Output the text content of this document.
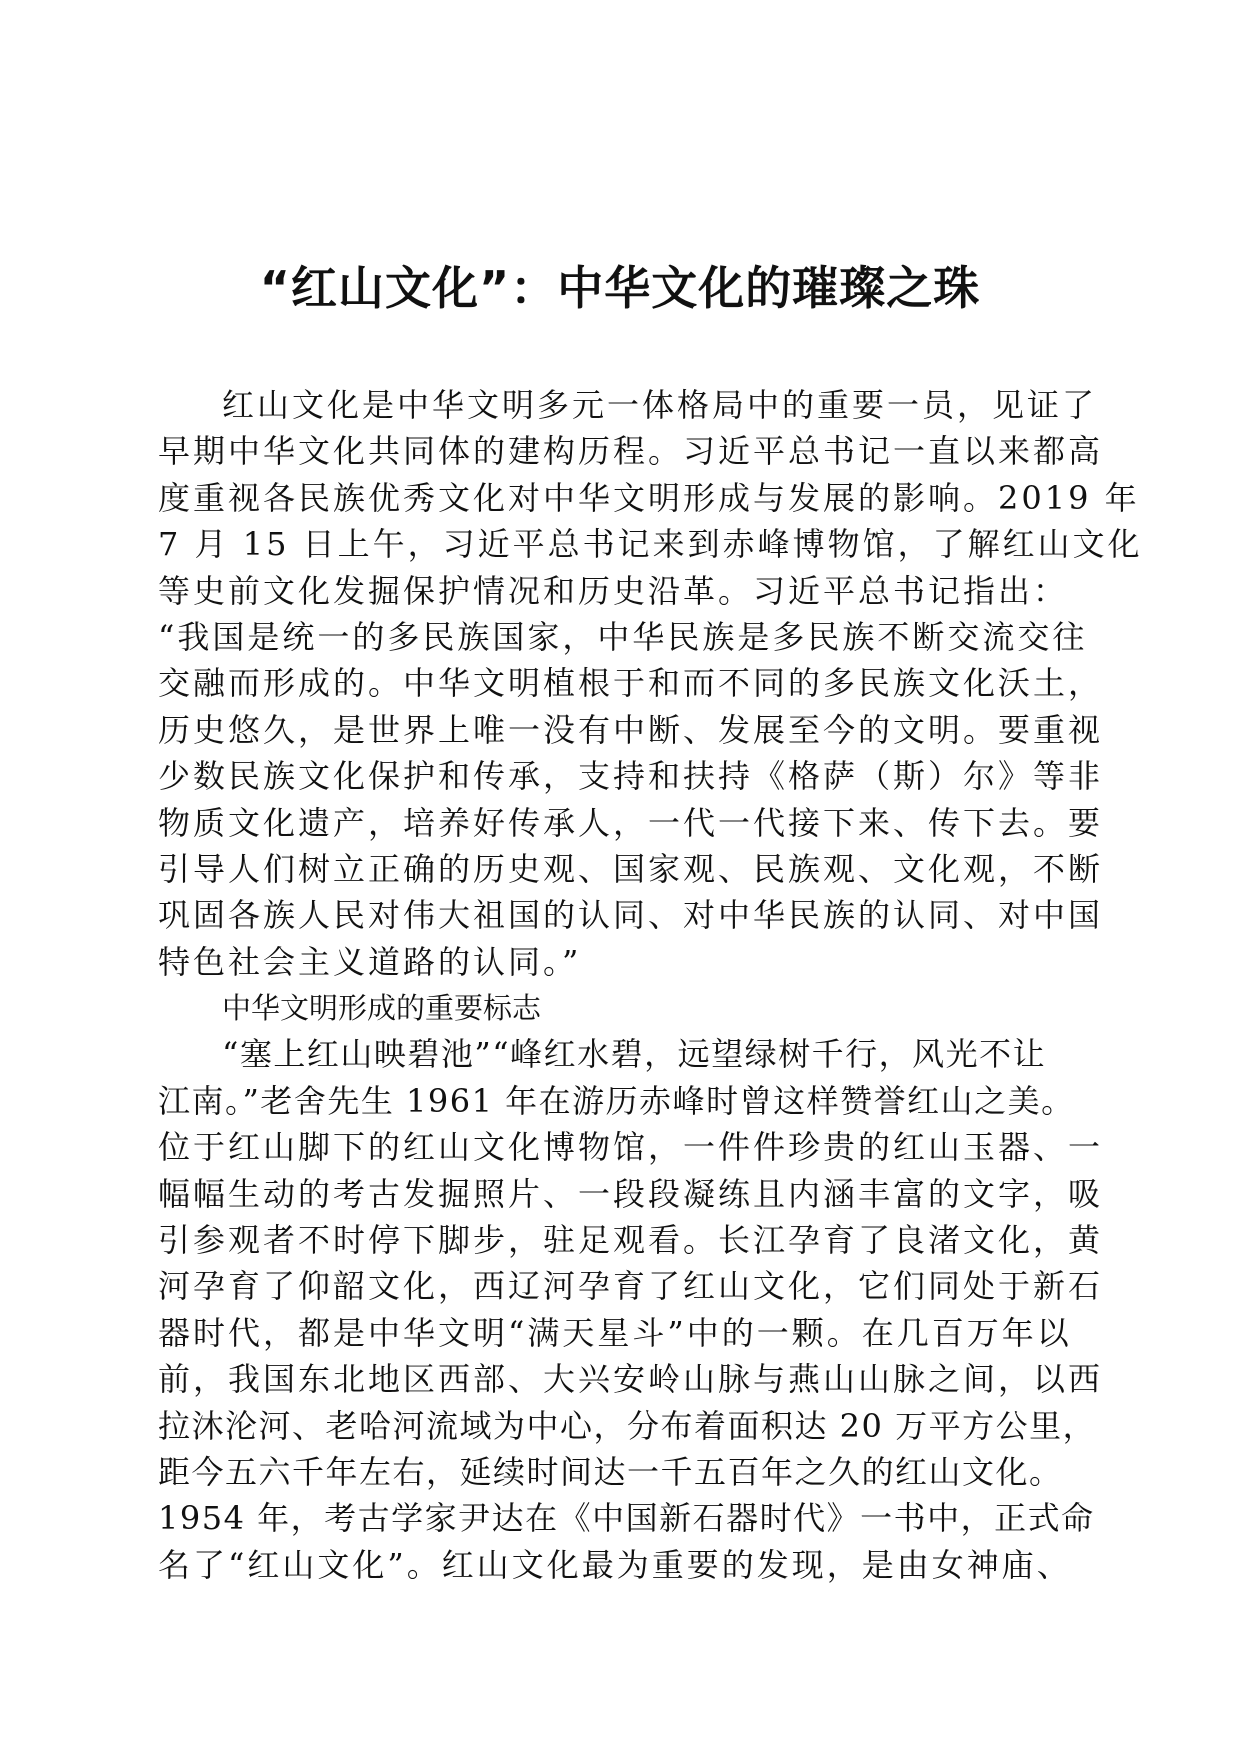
“红山文化”：中华文化的璀璨之珠
红山文化是中华文明多元一体格局中的重要一员，见证了
早期中华文化共同体的建构历程。习近平总书记一直以来都高
度重视各民族优秀文化对中华文明形成与发展的影响。2019 年
7 月 15 日上午，习近平总书记来到赤峰博物馆，了解红山文化
等史前文化发掘保护情况和历史沿革。习近平总书记指出：
“我国是统一的多民族国家，中华民族是多民族不断交流交往
交融而形成的。中华文明植根于和而不同的多民族文化沃土，
历史悠久，是世界上唯一没有中断、发展至今的文明。要重视
少数民族文化保护和传承，支持和扶持《格萨（斯）尔》等非
物质文化遗产，培养好传承人，一代一代接下来、传下去。要
引导人们树立正确的历史观、国家观、民族观、文化观，不断
巩固各族人民对伟大祖国的认同、对中华民族的认同、对中国
特色社会主义道路的认同。”
中华文明形成的重要标志
“塞上红山映碧池”“峰红水碧，远望绿树千行，风光不让
江南。”老舍先生 1961 年在游历赤峰时曾这样赞誉红山之美。
位于红山脚下的红山文化博物馆，一件件珍贵的红山玉器、一
幅幅生动的考古发掘照片、一段段凝练且内涵丰富的文字，吸
引参观者不时停下脚步，驻足观看。长江孕育了良渚文化，黄
河孕育了仰韶文化，西辽河孕育了红山文化，它们同处于新石
器时代，都是中华文明“满天星斗”中的一颗。在几百万年以
前，我国东北地区西部、大兴安岭山脉与燕山山脉之间，以西
拉沐沦河、老哈河流域为中心，分布着面积达 20 万平方公里，
距今五六千年左右，延续时间达一千五百年之久的红山文化。
1954 年，考古学家尹达在《中国新石器时代》一书中，正式命
名了“红山文化”。红山文化最为重要的发现，是由女神庙、
